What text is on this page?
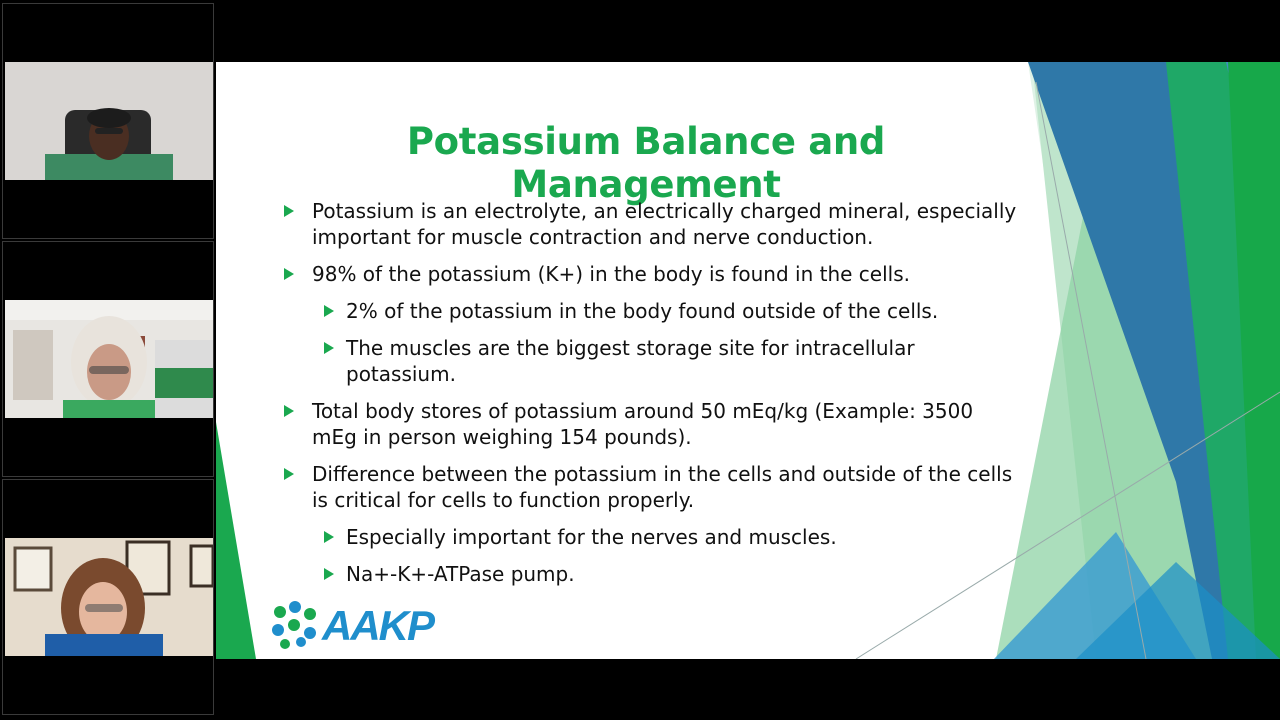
Potassium Balance and Management
Potassium is an electrolyte, an electrically charged mineral, especially important for muscle contraction and nerve conduction.
98% of the potassium (K+) in the body is found in the cells.
2% of the potassium in the body found outside of the cells.
The muscles are the biggest storage site for intracellular potassium.
Total body stores of potassium around 50 mEq/kg (Example: 3500 mEg in person weighing 154 pounds).
Difference between the potassium in the cells and outside of the cells is critical for cells to function properly.
Especially important for the nerves and muscles.
Na+-K+-ATPase pump.
AAKP
